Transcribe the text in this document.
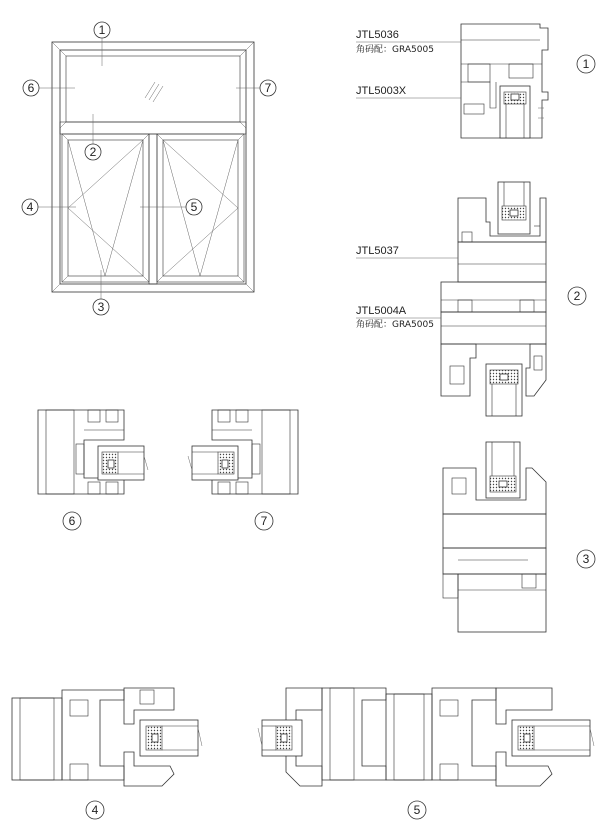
1
6	7
2
4	5
3
JTL5036
角码配：GRA5005
JTL5003X
1
JTL5037
JTL5004A
角码配：GRA5005
2
3
6	7
4	5
